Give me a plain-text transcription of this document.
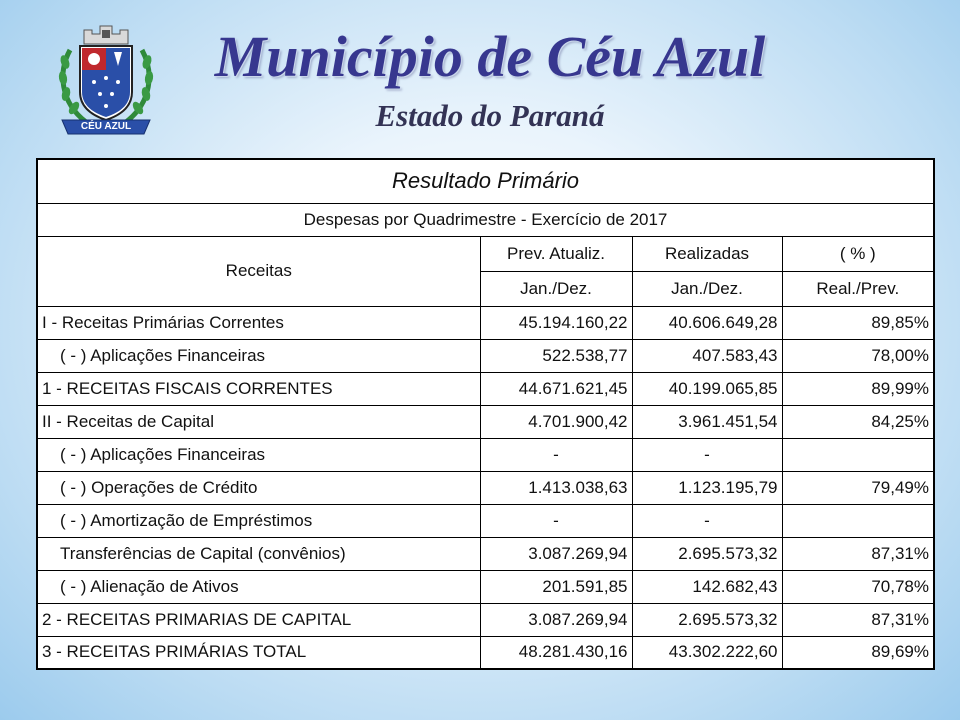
CÉU AZUL
Município de Céu Azul
Estado do Paraná
Resultado Primário			
Despesas por Quadrimestre - Exercício de 2017			
Receitas	Prev. Atualiz.	Realizadas	( % )
	Jan./Dez.	Jan./Dez.	Real./Prev.
I - Receitas Primárias Correntes	45.194.160,22	40.606.649,28	89,85%
( - ) Aplicações Financeiras	522.538,77	407.583,43	78,00%
1 - RECEITAS FISCAIS CORRENTES	44.671.621,45	40.199.065,85	89,99%
II - Receitas de Capital	4.701.900,42	3.961.451,54	84,25%
( - ) Aplicações Financeiras	-	-	
( - ) Operações de Crédito	1.413.038,63	1.123.195,79	79,49%
( - ) Amortização de Empréstimos	-	-	
Transferências de Capital (convênios)	3.087.269,94	2.695.573,32	87,31%
( - ) Alienação de Ativos	201.591,85	142.682,43	70,78%
2 - RECEITAS PRIMARIAS DE CAPITAL	3.087.269,94	2.695.573,32	87,31%
3 - RECEITAS PRIMÁRIAS TOTAL	48.281.430,16	43.302.222,60	89,69%
